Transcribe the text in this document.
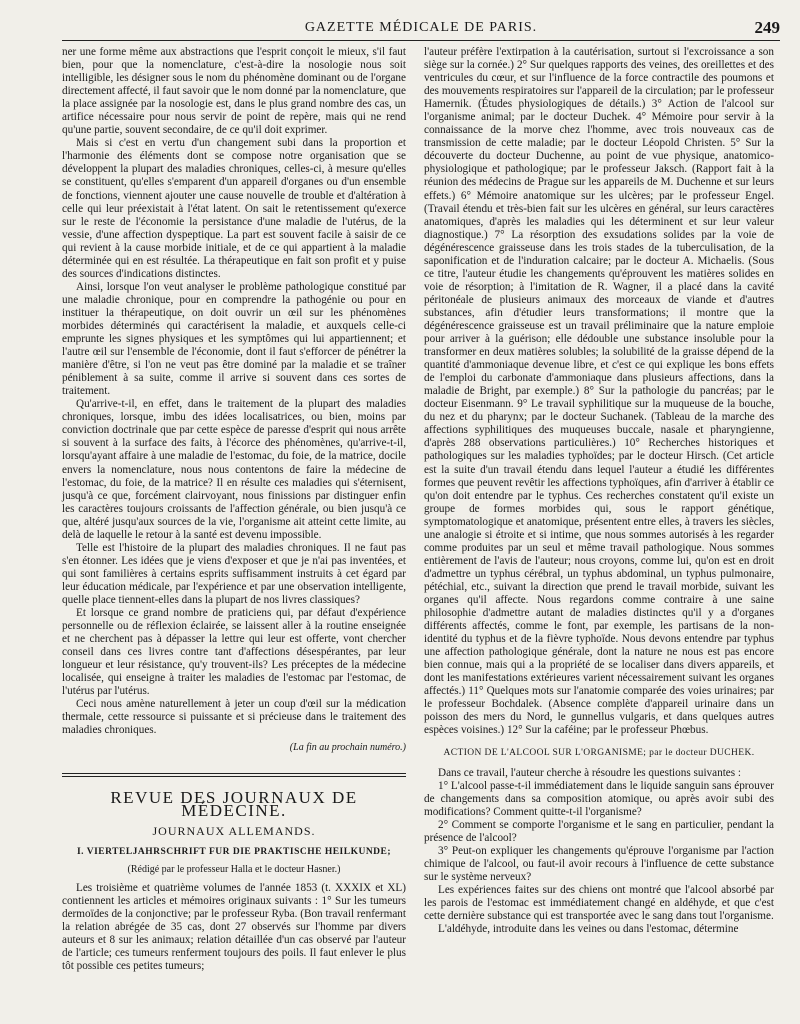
GAZETTE MÉDICALE DE PARIS.	249

ner une forme même aux abstractions que l'esprit conçoit le mieux, s'il faut bien, pour que la nomenclature, c'est-à-dire la nosologie nous soit intelligible, les désigner sous le nom du phénomène dominant ou de l'organe directement affecté, il faut savoir que le nom donné par la nomenclature, que la place assignée par la nosologie est, dans le plus grand nombre des cas, un artifice nécessaire pour nous servir de point de repère, mais qui ne rend qu'une partie, souvent secondaire, de ce qu'il doit exprimer.

Mais si c'est en vertu d'un changement subi dans la proportion et l'harmonie des éléments dont se compose notre organisation que se développent la plupart des maladies chroniques, celles-ci, à mesure qu'elles se constituent, qu'elles s'emparent d'un appareil d'organes ou d'un ensemble de fonctions, viennent ajouter une cause nouvelle de trouble et d'altération à celle qui leur préexistait à l'état latent. On sait le retentissement qu'exerce sur le reste de l'économie la persistance d'une maladie de l'utérus, de la vessie, d'une affection dyspeptique. La part est souvent facile à saisir de ce qui revient à la cause morbide initiale, et de ce qui appartient à la maladie déterminée qui en est résultée. La thérapeutique en fait son profit et y puise des sources d'indications distinctes.

Ainsi, lorsque l'on veut analyser le problème pathologique constitué par une maladie chronique, pour en comprendre la pathogénie ou pour en instituer la thérapeutique, on doit ouvrir un œil sur les phénomènes morbides déterminés qui caractérisent la maladie, et auxquels celle-ci emprunte les signes physiques et les symptômes qui lui appartiennent; et l'autre œil sur l'ensemble de l'économie, dont il faut s'efforcer de pénétrer la manière d'être, si l'on ne veut pas être dominé par la maladie et se traîner péniblement à sa suite, comme il arrive si souvent dans ces sortes de traitement.

Qu'arrive-t-il, en effet, dans le traitement de la plupart des maladies chroniques, lorsque, imbu des idées localisatrices, ou bien, moins par conviction doctrinale que par cette espèce de paresse d'esprit qui nous arrête si souvent à la surface des faits, à l'écorce des phénomènes, qu'arrive-t-il, lorsqu'ayant affaire à une maladie de l'estomac, du foie, de la matrice, docile envers la nomenclature, nous nous contentons de faire la médecine de l'estomac, du foie, de la matrice? Il en résulte ces maladies qui s'éternisent, jusqu'à ce que, forcément clairvoyant, nous finissions par distinguer enfin les caractères toujours croissants de l'affection générale, ou bien jusqu'à ce que, altéré jusqu'aux sources de la vie, l'organisme ait atteint cette limite, au delà de laquelle le retour à la santé est devenu impossible.

Telle est l'histoire de la plupart des maladies chroniques. Il ne faut pas s'en étonner. Les idées que je viens d'exposer et que je n'ai pas inventées, et qui sont familières à certains esprits suffisamment instruits à cet égard par leur éducation médicale, par l'expérience et par une observation intelligente, quelle place tiennent-elles dans la plupart de nos livres classiques?

Et lorsque ce grand nombre de praticiens qui, par défaut d'expérience personnelle ou de réflexion éclairée, se laissent aller à la routine enseignée et ne cherchent pas à dépasser la lettre qui leur est offerte, vont chercher conseil dans ces livres contre tant d'affections désespérantes, par leur longueur et leur résistance, qu'y trouvent-ils? Les préceptes de la médecine localisée, qui enseigne à traiter les maladies de l'estomac par l'estomac, de l'utérus par l'utérus.

Ceci nous amène naturellement à jeter un coup d'œil sur la médication thermale, cette ressource si puissante et si précieuse dans le traitement des maladies chroniques.

(La fin au prochain numéro.)

REVUE DES JOURNAUX DE MÉDECINE.
JOURNAUX ALLEMANDS.
I. VIERTELJAHRSCHRIFT FUR DIE PRAKTISCHE HEILKUNDE;
(Rédigé par le professeur Halla et le docteur Hasner.)

Les troisième et quatrième volumes de l'année 1853 (t. XXXIX et XL) contiennent les articles et mémoires originaux suivants : 1° Sur les tumeurs dermoïdes de la conjonctive; par le professeur Ryba. (Bon travail renfermant la relation abrégée de 35 cas, dont 27 observés sur l'homme par divers auteurs et 8 sur les animaux; relation détaillée d'un cas observé par l'auteur de l'article; ces tumeurs renferment toujours des poils. Il faut enlever le plus tôt possible ces petites tumeurs;

l'auteur préfère l'extirpation à la cautérisation, surtout si l'excroissance a son siège sur la cornée.) 2° Sur quelques rapports des veines, des oreillettes et des ventricules du cœur, et sur l'influence de la force contractile des poumons et des mouvements respiratoires sur l'appareil de la circulation; par le professeur Hamernik. (Études physiologiques de détails.) 3° Action de l'alcool sur l'organisme animal; par le docteur Duchek. 4° Mémoire pour servir à la connaissance de la morve chez l'homme, avec trois nouveaux cas de transmission de cette maladie; par le docteur Léopold Christen. 5° Sur la découverte du docteur Duchenne, au point de vue physique, anatomico-physiologique et pathologique; par le professeur Jaksch. (Rapport fait à la réunion des médecins de Prague sur les appareils de M. Duchenne et sur leurs effets.) 6° Mémoire anatomique sur les ulcères; par le professeur Engel. (Travail étendu et très-bien fait sur les ulcères en général, sur leurs caractères anatomiques, d'après les maladies qui les déterminent et sur leur valeur diagnostique.) 7° La résorption des exsudations solides par la voie de dégénérescence graisseuse dans les trois stades de la tuberculisation, de la saponification et de l'induration calcaire; par le docteur A. Michaelis. (Sous ce titre, l'auteur étudie les changements qu'éprouvent les matières solides en voie de résorption; à l'imitation de R. Wagner, il a placé dans la cavité péritonéale de plusieurs animaux des morceaux de viande et d'autres substances, afin d'étudier leurs transformations; il montre que la dégénérescence graisseuse est un travail préliminaire que la nature emploie pour arriver à la guérison; elle dédouble une substance insoluble pour la transformer en deux matières solubles; la solubilité de la graisse dépend de la quantité d'ammoniaque devenue libre, et c'est ce qui explique les bons effets de l'emploi du carbonate d'ammoniaque dans plusieurs affections, dans la maladie de Bright, par exemple.) 8° Sur la pathologie du pancréas; par le docteur Eisenmann. 9° Le travail syphilitique sur la muqueuse de la bouche, du nez et du pharynx; par le docteur Suchanek. (Tableau de la marche des affections syphilitiques des muqueuses buccale, nasale et pharyngienne, d'après 288 observations particulières.) 10° Recherches historiques et pathologiques sur les maladies typhoïdes; par le docteur Hirsch. (Cet article est la suite d'un travail étendu dans lequel l'auteur a étudié les différentes formes que peuvent revêtir les affections typhoïques, afin d'arriver à établir ce qu'on doit entendre par le typhus. Ces recherches constatent qu'il existe un groupe de formes morbides qui, sous le rapport génétique, symptomatologique et anatomique, présentent entre elles, à travers les siècles, une analogie si étroite et si intime, que nous sommes autorisés à les regarder comme produites par un seul et même travail pathologique. Nous sommes entièrement de l'avis de l'auteur; nous croyons, comme lui, qu'on est en droit d'admettre un typhus cérébral, un typhus abdominal, un typhus pulmonaire, pétéchial, etc., suivant la direction que prend le travail morbide, suivant les organes qu'il affecte. Nous regardons comme contraire à une saine philosophie d'admettre autant de maladies distinctes qu'il y a d'organes différents affectés, comme le font, par exemple, les partisans de la non-identité du typhus et de la fièvre typhoïde. Nous devons entendre par typhus une affection pathologique générale, dont la nature ne nous est pas encore bien connue, mais qui a la propriété de se localiser dans divers appareils, et dont les manifestations extérieures varient nécessairement suivant les organes affectés.) 11° Quelques mots sur l'anatomie comparée des voies urinaires; par le professeur Bochdalek. (Absence complète d'appareil urinaire dans un poisson des mers du Nord, le gunnellus vulgaris, et dans quelques autres espèces voisines.) 12° Sur la caféine; par le professeur Phœbus.

ACTION DE L'ALCOOL SUR L'ORGANISME; par le docteur DUCHEK.

Dans ce travail, l'auteur cherche à résoudre les questions suivantes :

1° L'alcool passe-t-il immédiatement dans le liquide sanguin sans éprouver de changements dans sa composition atomique, ou après avoir subi des modifications? Comment quitte-t-il l'organisme?

2° Comment se comporte l'organisme et le sang en particulier, pendant la présence de l'alcool?

3° Peut-on expliquer les changements qu'éprouve l'organisme par l'action chimique de l'alcool, ou faut-il avoir recours à l'influence de cette substance sur le système nerveux?

Les expériences faites sur des chiens ont montré que l'alcool absorbé par les parois de l'estomac est immédiatement changé en aldéhyde, et que c'est cette dernière substance qui est transportée avec le sang dans tout l'organisme.

L'aldéhyde, introduite dans les veines ou dans l'estomac, détermine
